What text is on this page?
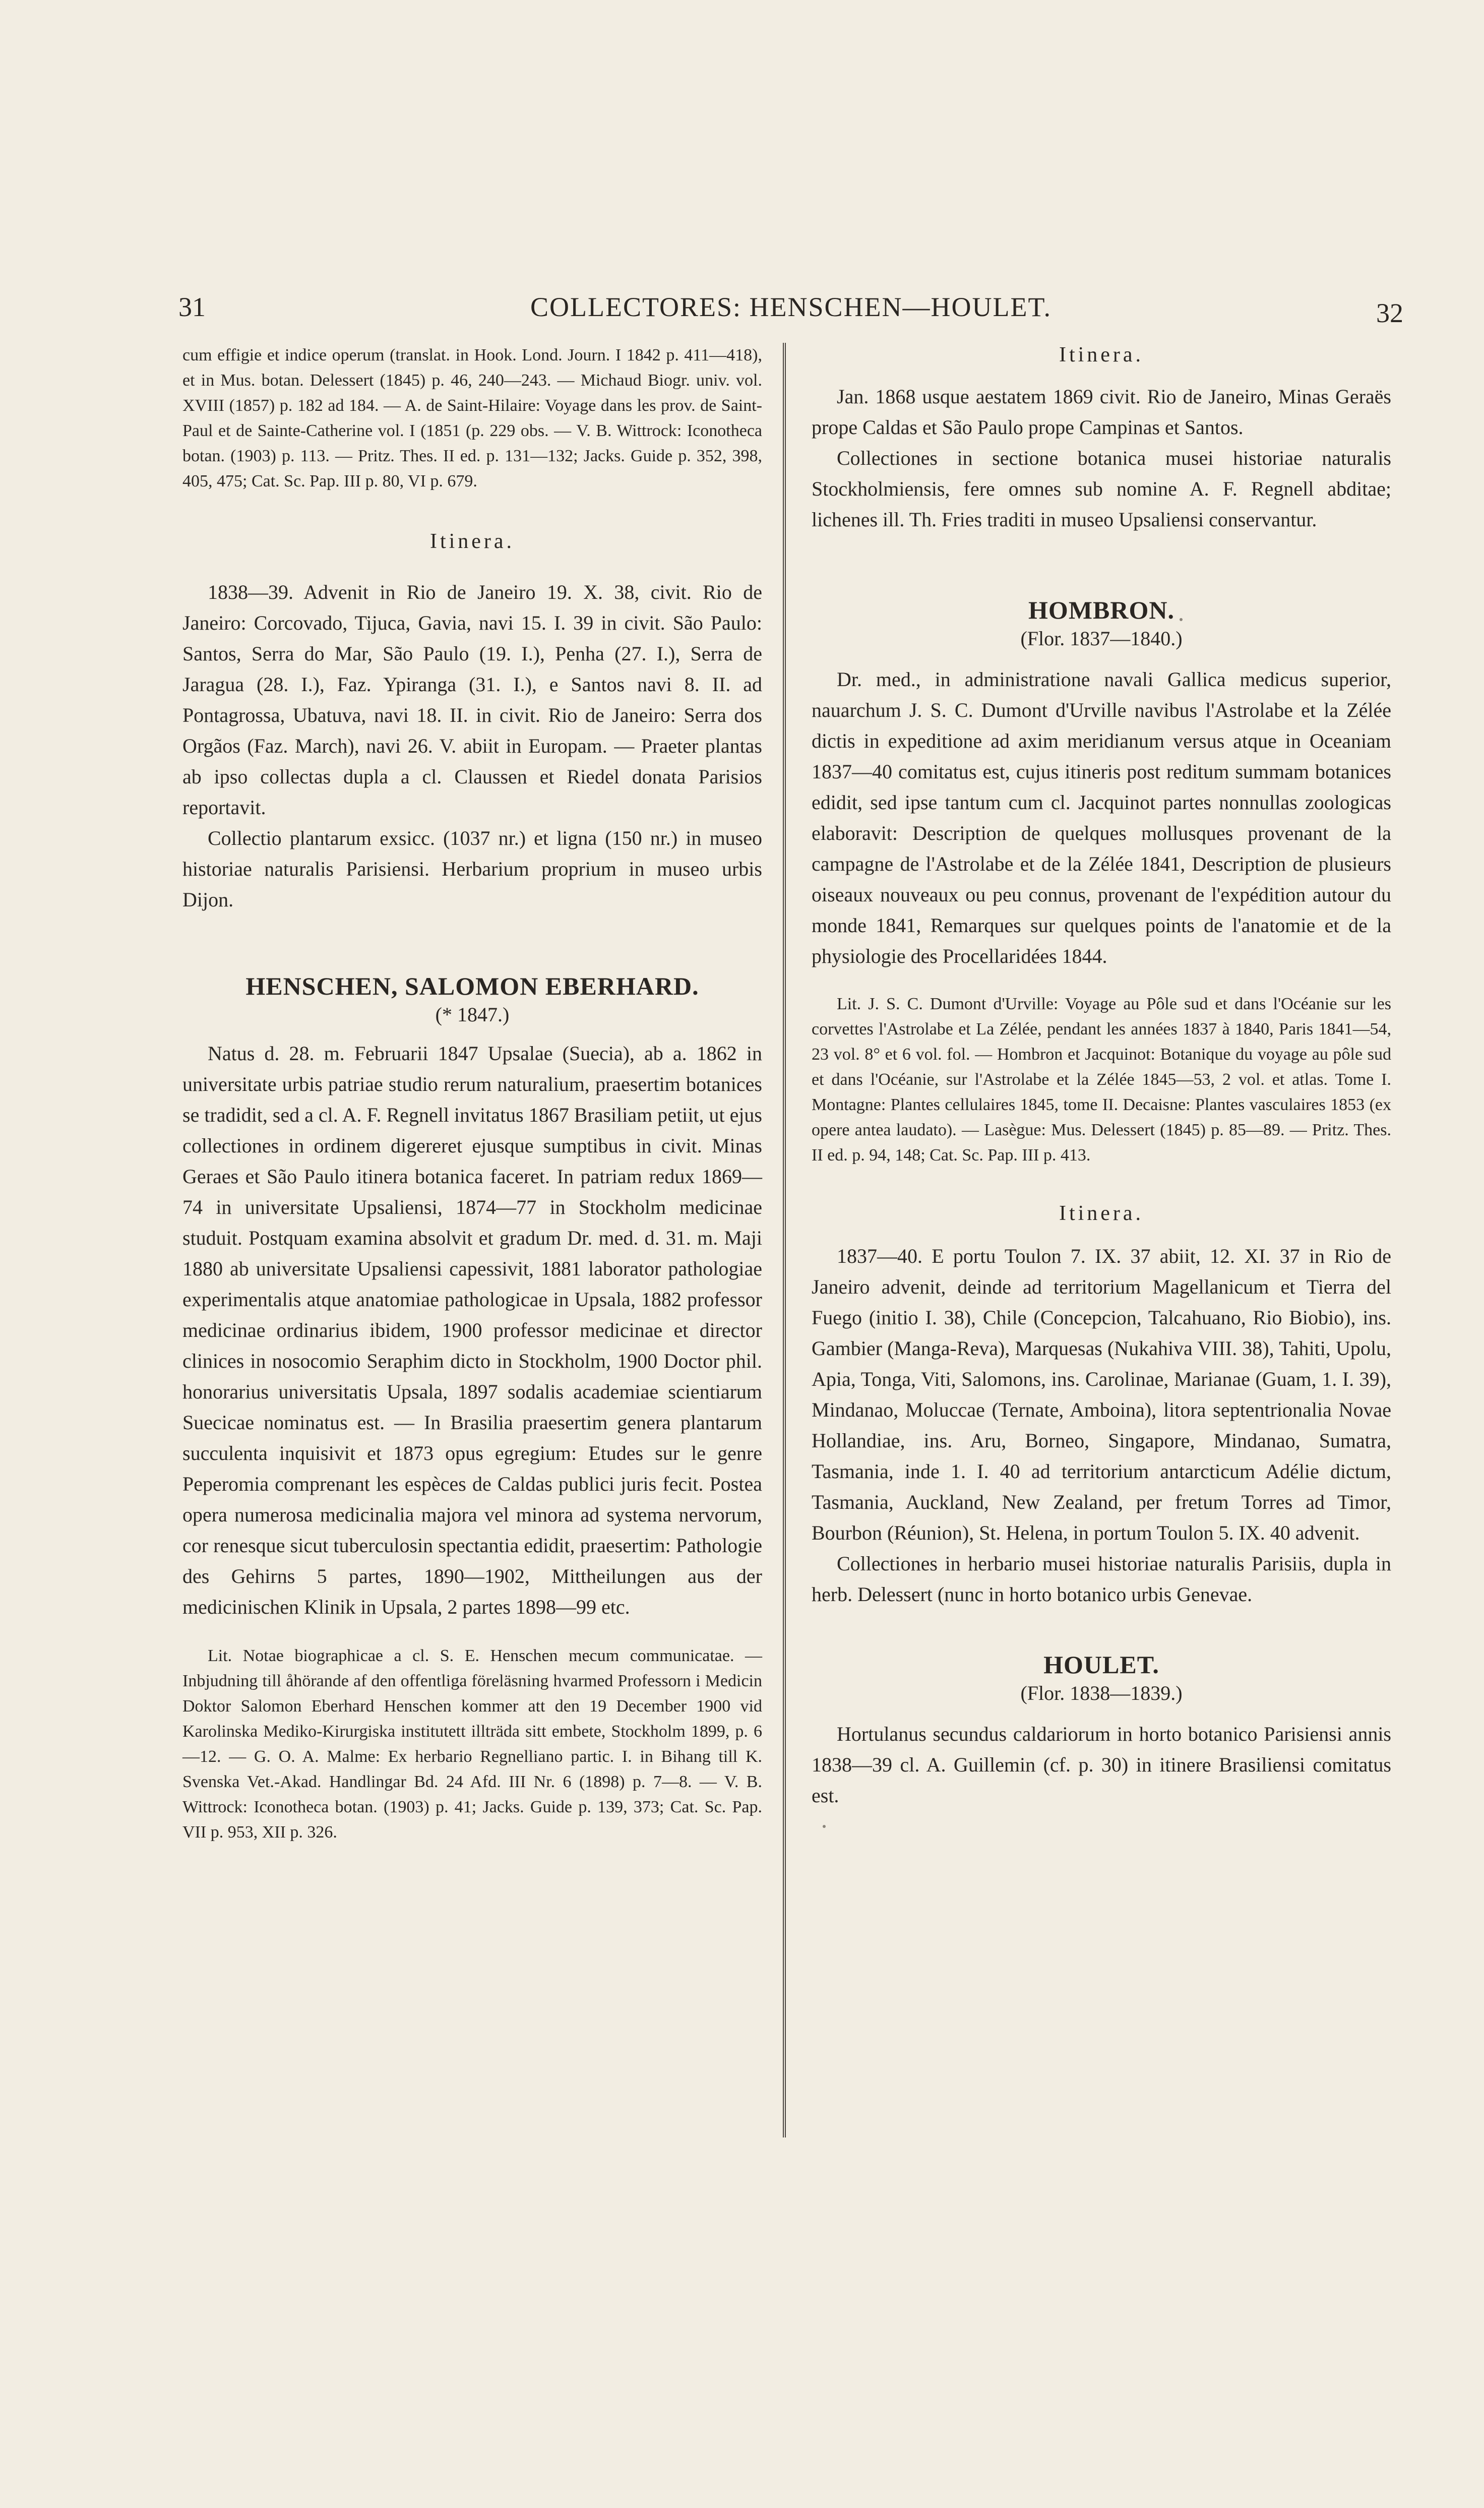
31	COLLECTORES: HENSCHEN—HOULET.	32

cum effigie et indice operum (translat. in Hook. Lond. Journ. I 1842 p. 411—418), et in Mus. botan. Delessert (1845) p. 46, 240—243. — Michaud Biogr. univ. vol. XVIII (1857) p. 182 ad 184. — A. de Saint-Hilaire: Voyage dans les prov. de Saint-Paul et de Sainte-Catherine vol. I (1851 (p. 229 obs. — V. B. Wittrock: Iconotheca botan. (1903) p. 113. — Pritz. Thes. II ed. p. 131—132; Jacks. Guide p. 352, 398, 405, 475; Cat. Sc. Pap. III p. 80, VI p. 679.

Itinera.

1838—39. Advenit in Rio de Janeiro 19. X. 38, civit. Rio de Janeiro: Corcovado, Tijuca, Gavia, navi 15. I. 39 in civit. São Paulo: Santos, Serra do Mar, São Paulo (19. I.), Penha (27. I.), Serra de Jaragua (28. I.), Faz. Ypiranga (31. I.), e Santos navi 8. II. ad Pontagrossa, Ubatuva, navi 18. II. in civit. Rio de Janeiro: Serra dos Orgãos (Faz. March), navi 26. V. abiit in Europam. — Praeter plantas ab ipso collectas dupla a cl. Claussen et Riedel donata Parisios reportavit.

Collectio plantarum exsicc. (1037 nr.) et ligna (150 nr.) in museo historiae naturalis Parisiensi. Herbarium proprium in museo urbis Dijon.

HENSCHEN, SALOMON EBERHARD.
(* 1847.)

Natus d. 28. m. Februarii 1847 Upsalae (Suecia), ab a. 1862 in universitate urbis patriae studio rerum naturalium, praesertim botanices se tradidit, sed a cl. A. F. Regnell invitatus 1867 Brasiliam petiit, ut ejus collectiones in ordinem digereret ejusque sumptibus in civit. Minas Geraes et São Paulo itinera botanica faceret. In patriam redux 1869—74 in universitate Upsaliensi, 1874—77 in Stockholm medicinae studuit. Postquam examina absolvit et gradum Dr. med. d. 31. m. Maji 1880 ab universitate Upsaliensi capessivit, 1881 laborator pathologiae experimentalis atque anatomiae pathologicae in Upsala, 1882 professor medicinae ordinarius ibidem, 1900 professor medicinae et director clinices in nosocomio Seraphim dicto in Stockholm, 1900 Doctor phil. honorarius universitatis Upsala, 1897 sodalis academiae scientiarum Suecicae nominatus est. — In Brasilia praesertim genera plantarum succulenta inquisivit et 1873 opus egregium: Etudes sur le genre Peperomia comprenant les espèces de Caldas publici juris fecit. Postea opera numerosa medicinalia majora vel minora ad systema nervorum, cor renesque sicut tuberculosin spectantia edidit, praesertim: Pathologie des Gehirns 5 partes, 1890—1902, Mittheilungen aus der medicinischen Klinik in Upsala, 2 partes 1898—99 etc.

Lit. Notae biographicae a cl. S. E. Henschen mecum communicatae. — Inbjudning till åhörande af den offentliga föreläsning hvarmed Professorn i Medicin Doktor Salomon Eberhard Henschen kommer att den 19 December 1900 vid Karolinska Mediko-Kirurgiska institutett illträda sitt embete, Stockholm 1899, p. 6—12. — G. O. A. Malme: Ex herbario Regnelliano partic. I. in Bihang till K. Svenska Vet.-Akad. Handlingar Bd. 24 Afd. III Nr. 6 (1898) p. 7—8. — V. B. Wittrock: Iconotheca botan. (1903) p. 41; Jacks. Guide p. 139, 373; Cat. Sc. Pap. VII p. 953, XII p. 326.

Itinera.

Jan. 1868 usque aestatem 1869 civit. Rio de Janeiro, Minas Geraës prope Caldas et São Paulo prope Campinas et Santos.

Collectiones in sectione botanica musei historiae naturalis Stockholmiensis, fere omnes sub nomine A. F. Regnell abditae; lichenes ill. Th. Fries traditi in museo Upsaliensi conservantur.

HOMBRON.
(Flor. 1837—1840.)

Dr. med., in administratione navali Gallica medicus superior, nauarchum J. S. C. Dumont d'Urville navibus l'Astrolabe et la Zélée dictis in expeditione ad axim meridianum versus atque in Oceaniam 1837—40 comitatus est, cujus itineris post reditum summam botanices edidit, sed ipse tantum cum cl. Jacquinot partes nonnullas zoologicas elaboravit: Description de quelques mollusques provenant de la campagne de l'Astrolabe et de la Zélée 1841, Description de plusieurs oiseaux nouveaux ou peu connus, provenant de l'expédition autour du monde 1841, Remarques sur quelques points de l'anatomie et de la physiologie des Procellaridées 1844.

Lit. J. S. C. Dumont d'Urville: Voyage au Pôle sud et dans l'Océanie sur les corvettes l'Astrolabe et La Zélée, pendant les années 1837 à 1840, Paris 1841—54, 23 vol. 8° et 6 vol. fol. — Hombron et Jacquinot: Botanique du voyage au pôle sud et dans l'Océanie, sur l'Astrolabe et la Zélée 1845—53, 2 vol. et atlas. Tome I. Montagne: Plantes cellulaires 1845, tome II. Decaisne: Plantes vasculaires 1853 (ex opere antea laudato). — Lasègue: Mus. Delessert (1845) p. 85—89. — Pritz. Thes. II ed. p. 94, 148; Cat. Sc. Pap. III p. 413.

Itinera.

1837—40. E portu Toulon 7. IX. 37 abiit, 12. XI. 37 in Rio de Janeiro advenit, deinde ad territorium Magellanicum et Tierra del Fuego (initio I. 38), Chile (Concepcion, Talcahuano, Rio Biobio), ins. Gambier (Manga-Reva), Marquesas (Nukahiva VIII. 38), Tahiti, Upolu, Apia, Tonga, Viti, Salomons, ins. Carolinae, Marianae (Guam, 1. I. 39), Mindanao, Moluccae (Ternate, Amboina), litora septentrionalia Novae Hollandiae, ins. Aru, Borneo, Singapore, Mindanao, Sumatra, Tasmania, inde 1. I. 40 ad territorium antarcticum Adélie dictum, Tasmania, Auckland, New Zealand, per fretum Torres ad Timor, Bourbon (Réunion), St. Helena, in portum Toulon 5. IX. 40 advenit.

Collectiones in herbario musei historiae naturalis Parisiis, dupla in herb. Delessert (nunc in horto botanico urbis Genevae.

HOULET.
(Flor. 1838—1839.)

Hortulanus secundus caldariorum in horto botanico Parisiensi annis 1838—39 cl. A. Guillemin (cf. p. 30) in itinere Brasiliensi comitatus est.
